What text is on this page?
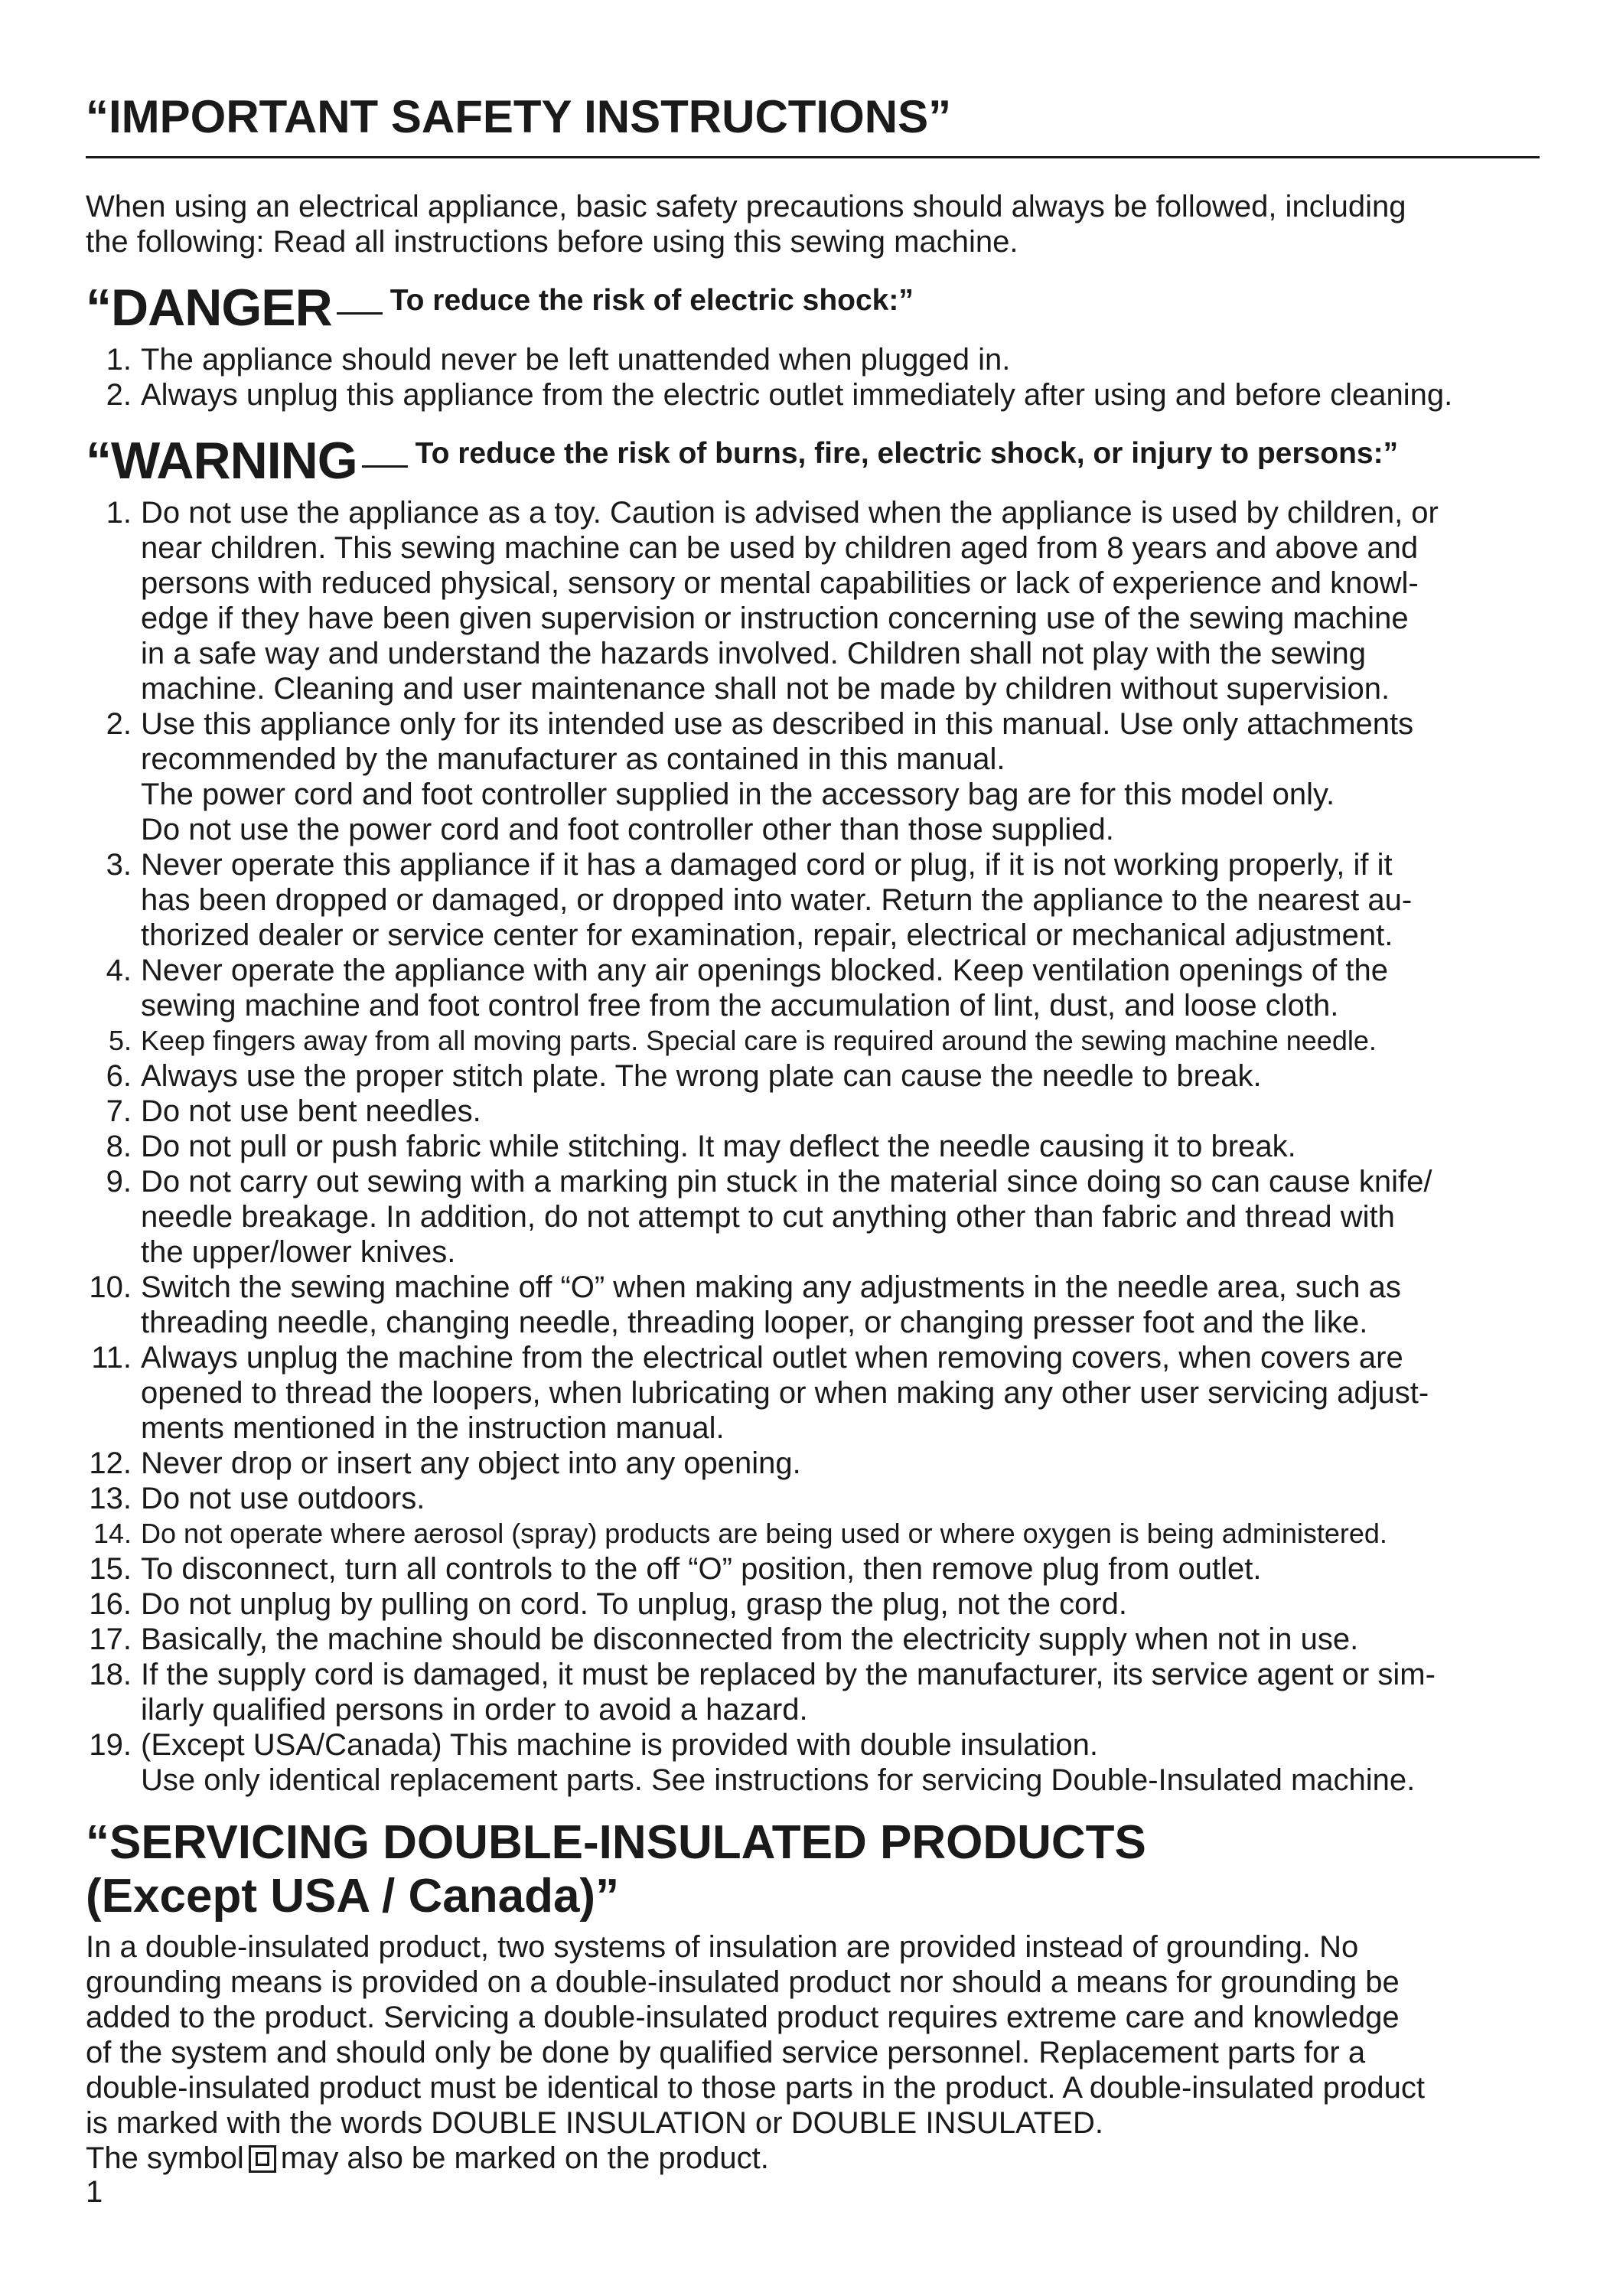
“IMPORTANT SAFETY INSTRUCTIONS”
When using an electrical appliance, basic safety precautions should always be followed, including
the following: Read all instructions before using this sewing machine.
“DANGER To reduce the risk of electric shock:”
1. The appliance should never be left unattended when plugged in.
2. Always unplug this appliance from the electric outlet immediately after using and before cleaning.
“WARNING To reduce the risk of burns, fire, electric shock, or injury to persons:”
1. Do not use the appliance as a toy. Caution is advised when the appliance is used by children, or
near children. This sewing machine can be used by children aged from 8 years and above and
persons with reduced physical, sensory or mental capabilities or lack of experience and knowl-
edge if they have been given supervision or instruction concerning use of the sewing machine
in a safe way and understand the hazards involved. Children shall not play with the sewing
machine. Cleaning and user maintenance shall not be made by children without supervision.
2. Use this appliance only for its intended use as described in this manual. Use only attachments
recommended by the manufacturer as contained in this manual.
The power cord and foot controller supplied in the accessory bag are for this model only.
Do not use the power cord and foot controller other than those supplied.
3. Never operate this appliance if it has a damaged cord or plug, if it is not working properly, if it
has been dropped or damaged, or dropped into water. Return the appliance to the nearest au-
thorized dealer or service center for examination, repair, electrical or mechanical adjustment.
4. Never operate the appliance with any air openings blocked. Keep ventilation openings of the
sewing machine and foot control free from the accumulation of lint, dust, and loose cloth.
5. Keep fingers away from all moving parts. Special care is required around the sewing machine needle.
6. Always use the proper stitch plate. The wrong plate can cause the needle to break.
7. Do not use bent needles.
8. Do not pull or push fabric while stitching. It may deflect the needle causing it to break.
9. Do not carry out sewing with a marking pin stuck in the material since doing so can cause knife/
needle breakage. In addition, do not attempt to cut anything other than fabric and thread with
the upper/lower knives.
10. Switch the sewing machine off “O” when making any adjustments in the needle area, such as
threading needle, changing needle, threading looper, or changing presser foot and the like.
11. Always unplug the machine from the electrical outlet when removing covers, when covers are
opened to thread the loopers, when lubricating or when making any other user servicing adjust-
ments mentioned in the instruction manual.
12. Never drop or insert any object into any opening.
13. Do not use outdoors.
14. Do not operate where aerosol (spray) products are being used or where oxygen is being administered.
15. To disconnect, turn all controls to the off “O” position, then remove plug from outlet.
16. Do not unplug by pulling on cord. To unplug, grasp the plug, not the cord.
17. Basically, the machine should be disconnected from the electricity supply when not in use.
18. If the supply cord is damaged, it must be replaced by the manufacturer, its service agent or sim-
ilarly qualified persons in order to avoid a hazard.
19. (Except USA/Canada) This machine is provided with double insulation.
Use only identical replacement parts. See instructions for servicing Double-Insulated machine.
“SERVICING DOUBLE-INSULATED PRODUCTS
(Except USA / Canada)”
In a double-insulated product, two systems of insulation are provided instead of grounding. No
grounding means is provided on a double-insulated product nor should a means for grounding be
added to the product. Servicing a double-insulated product requires extreme care and knowledge
of the system and should only be done by qualified service personnel. Replacement parts for a
double-insulated product must be identical to those parts in the product. A double-insulated product
is marked with the words DOUBLE INSULATION or DOUBLE INSULATED.
The symbol may also be marked on the product.
1
